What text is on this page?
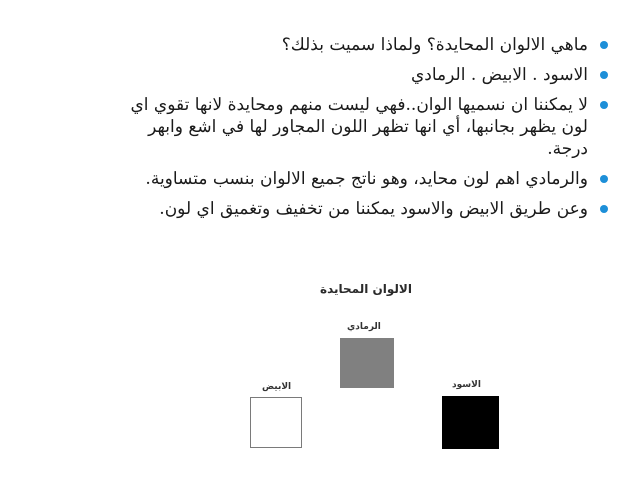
ماهي الالوان المحايدة؟ ولماذا سميت بذلك؟
الاسود . الابيض . الرمادي
لا يمكننا ان نسميها الوان..فهي ليست منهم ومحايدة لانها تقوي اي لون يظهر بجانبها، أي انها تظهر اللون المجاور لها في اشع وابهر درجة.
والرمادي اهم لون محايد، وهو ناتج جميع الالوان بنسب متساوية.
وعن طريق الابيض والاسود يمكننا من تخفيف وتغميق اي لون.
الالوان المحايدة
الرمادي
الابيض	الاسود
